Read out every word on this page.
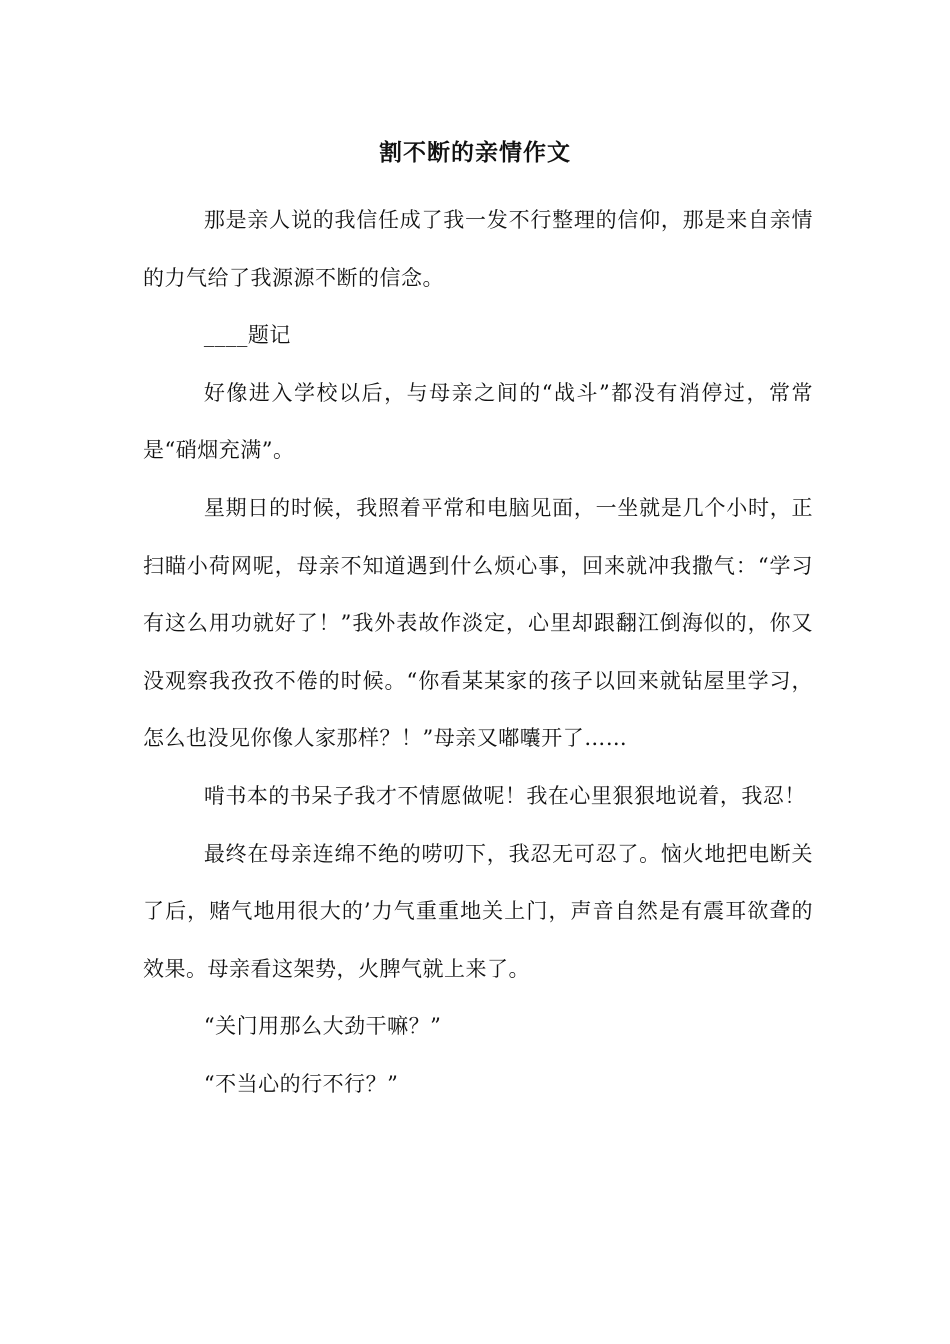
割不断的亲情作文

那是亲人说的我信任成了我一发不行整理的信仰，那是来自亲情的力气给了我源源不断的信念。

____题记

好像进入学校以后，与母亲之间的“战斗”都没有消停过，常常是“硝烟充满”。

星期日的时候，我照着平常和电脑见面，一坐就是几个小时，正扫瞄小荷网呢，母亲不知道遇到什么烦心事，回来就冲我撒气：“学习有这么用功就好了！”我外表故作淡定，心里却跟翻江倒海似的，你又没观察我孜孜不倦的时候。“你看某某家的孩子以回来就钻屋里学习，怎么也没见你像人家那样？！”母亲又嘟囔开了……

啃书本的书呆子我才不情愿做呢！我在心里狠狠地说着，我忍！

最终在母亲连绵不绝的唠叨下，我忍无可忍了。恼火地把电断关了后，赌气地用很大的’力气重重地关上门，声音自然是有震耳欲聋的效果。母亲看这架势，火脾气就上来了。

“关门用那么大劲干嘛？”

“不当心的行不行？”
